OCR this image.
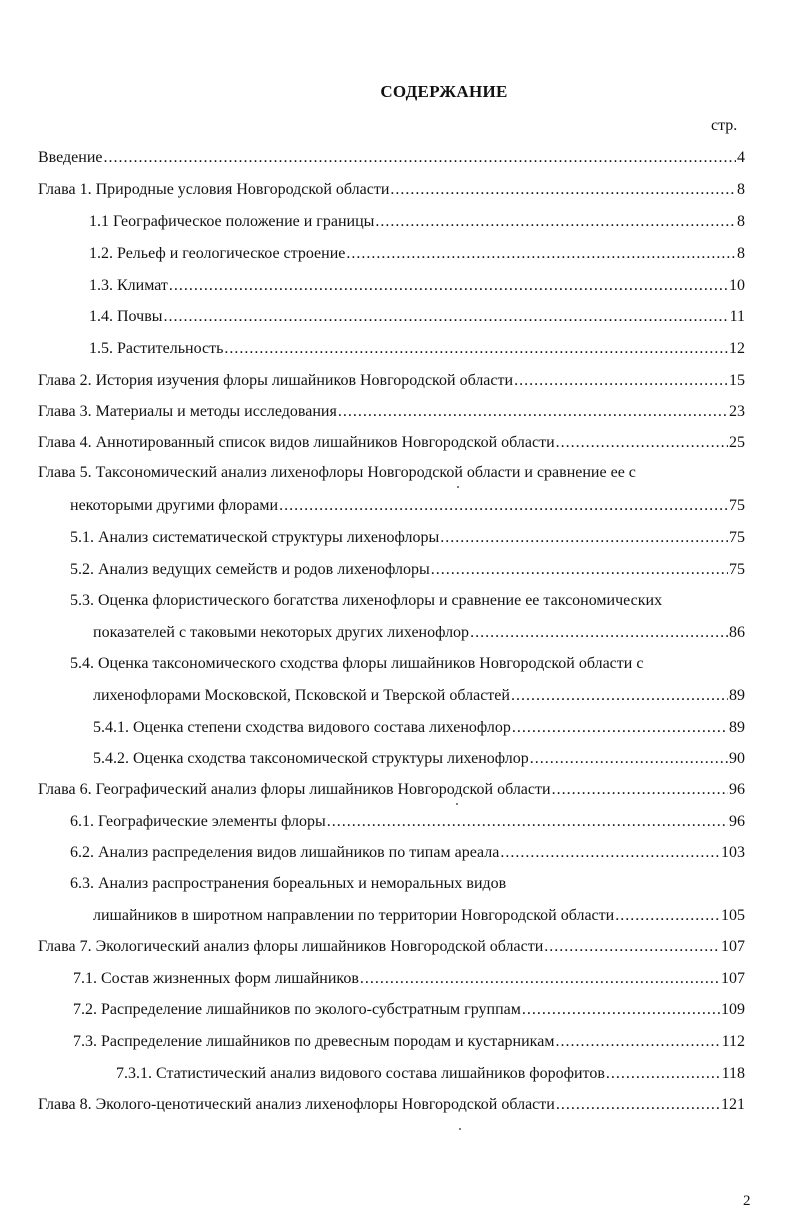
СОДЕРЖАНИЕ
стр.
Введение .....	4
Глава 1. Природные условия Новгородской области .....	8
1.1 Географическое положение и границы .....	8
1.2. Рельеф и геологическое строение .....	8
1.3. Климат .....	10
1.4. Почвы .....	11
1.5. Растительность .....	12
Глава 2. История изучения флоры лишайников Новгородской области .....	15
Глава 3. Материалы и методы исследования .....	23
Глава 4. Аннотированный список видов лишайников Новгородской области .....	25
Глава 5. Таксономический анализ лихенофлоры Новгородской области и сравнение ее с
некоторыми другими флорами .....	75
5.1. Анализ систематической структуры лихенофлоры .....	75
5.2. Анализ ведущих семейств и родов лихенофлоры .....	75
5.3. Оценка флористического богатства лихенофлоры и сравнение ее таксономических
показателей с таковыми некоторых других лихенофлор .....	86
5.4. Оценка таксономического сходства флоры лишайников Новгородской области с
лихенофлорами Московской, Псковской и Тверской областей .....	89
5.4.1. Оценка степени сходства видового состава лихенофлор .....	89
5.4.2. Оценка сходства таксономической структуры лихенофлор .....	90
Глава 6. Географический анализ флоры лишайников Новгородской области .....	96
6.1. Географические элементы флоры .....	96
6.2. Анализ распределения видов лишайников по типам ареала .....	103
6.3. Анализ распространения бореальных и неморальных видов
лишайников в широтном направлении по территории Новгородской области .....	105
Глава 7. Экологический анализ флоры лишайников Новгородской области .....	107
7.1. Состав жизненных форм лишайников .....	107
7.2. Распределение лишайников по эколого-субстратным группам .....	109
7.3. Распределение лишайников по древесным породам и кустарникам .....	112
7.3.1. Статистический анализ видового состава лишайников форофитов .....	118
Глава 8. Эколого-ценотический анализ лихенофлоры Новгородской области .....	121
2
